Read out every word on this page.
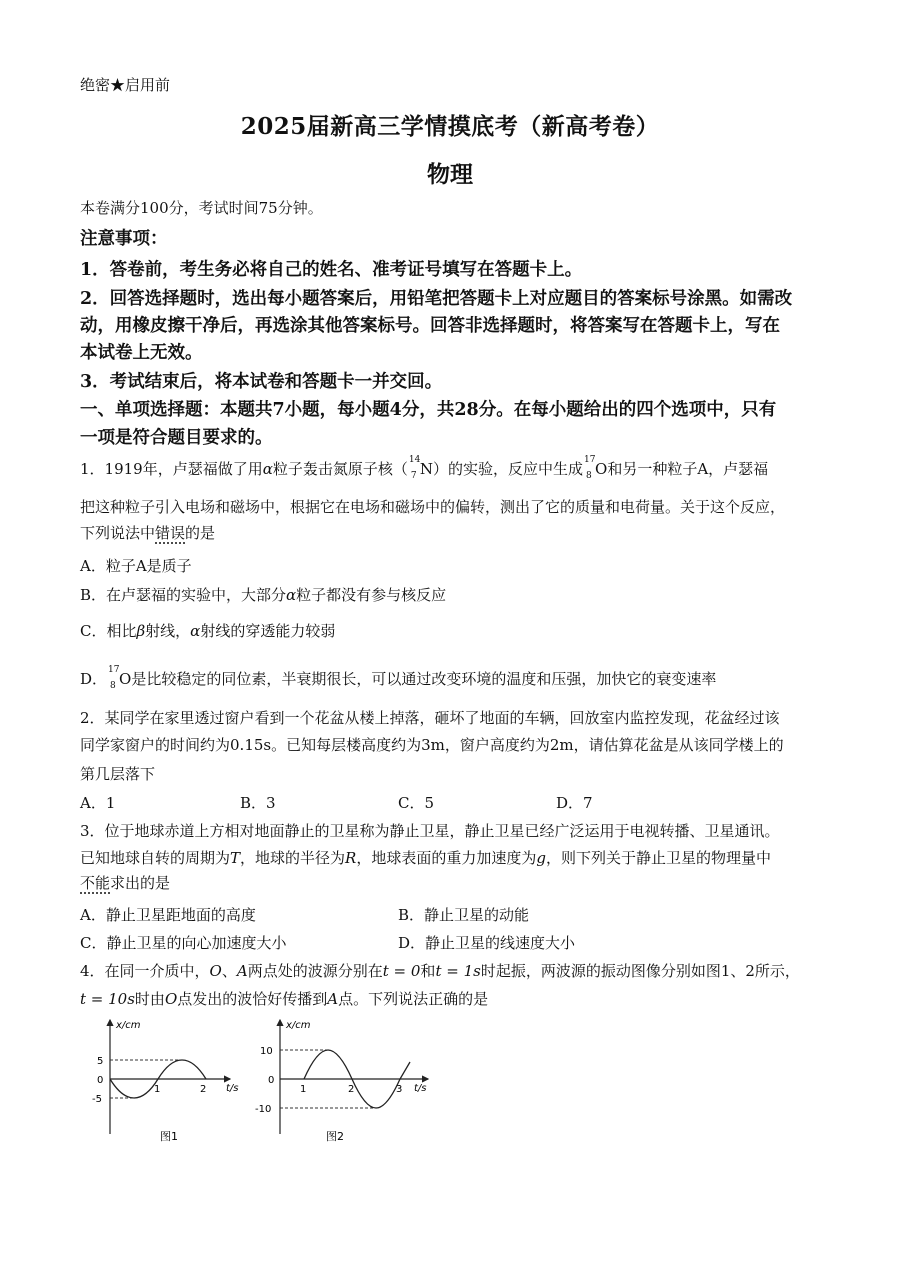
绝密★启用前
2025届新高三学情摸底考（新高考卷）
物理
本卷满分100分，考试时间75分钟。
注意事项：
1．答卷前，考生务必将自己的姓名、准考证号填写在答题卡上。
2．回答选择题时，选出每小题答案后，用铅笔把答题卡上对应题目的答案标号涂黑。如需改
动，用橡皮擦干净后，再选涂其他答案标号。回答非选择题时，将答案写在答题卡上，写在
本试卷上无效。
3．考试结束后，将本试卷和答题卡一并交回。
一、单项选择题：本题共7小题，每小题4分，共28分。在每小题给出的四个选项中，只有
一项是符合题目要求的。
1．1919年，卢瑟福做了用α粒子轰击氮原子核（ 14
7 N）的实验，反应中生成 17
8 O和另一种粒子A，卢瑟福
把这种粒子引入电场和磁场中，根据它在电场和磁场中的偏转，测出了它的质量和电荷量。关于这个反应，
下列说法中错误的是
A．粒子A是质子
B．在卢瑟福的实验中，大部分α粒子都没有参与核反应
C．相比β射线，α射线的穿透能力较弱
D． 17
8 O是比较稳定的同位素，半衰期很长，可以通过改变环境的温度和压强，加快它的衰变速率
2．某同学在家里透过窗户看到一个花盆从楼上掉落，砸坏了地面的车辆，回放室内监控发现，花盆经过该
同学家窗户的时间约为0.15s。已知每层楼高度约为3m，窗户高度约为2m，请估算花盆是从该同学楼上的
第几层落下
A．1	B．3	C．5	D．7
3．位于地球赤道上方相对地面静止的卫星称为静止卫星，静止卫星已经广泛运用于电视转播、卫星通讯。
已知地球自转的周期为T，地球的半径为R，地球表面的重力加速度为g，则下列关于静止卫星的物理量中
不能求出的是
A．静止卫星距地面的高度	B．静止卫星的动能
C．静止卫星的向心加速度大小	D．静止卫星的线速度大小
4．在同一介质中，O、A两点处的波源分别在t = 0和t = 1s时起振，两波源的振动图像分别如图1、2所示，
t = 10s时由O点发出的波恰好传播到A点。下列说法正确的是
x/cm
5
0
-5
1	2 t/s
图1
x/cm
10
0
-10
1	2	3 t/s
图2
